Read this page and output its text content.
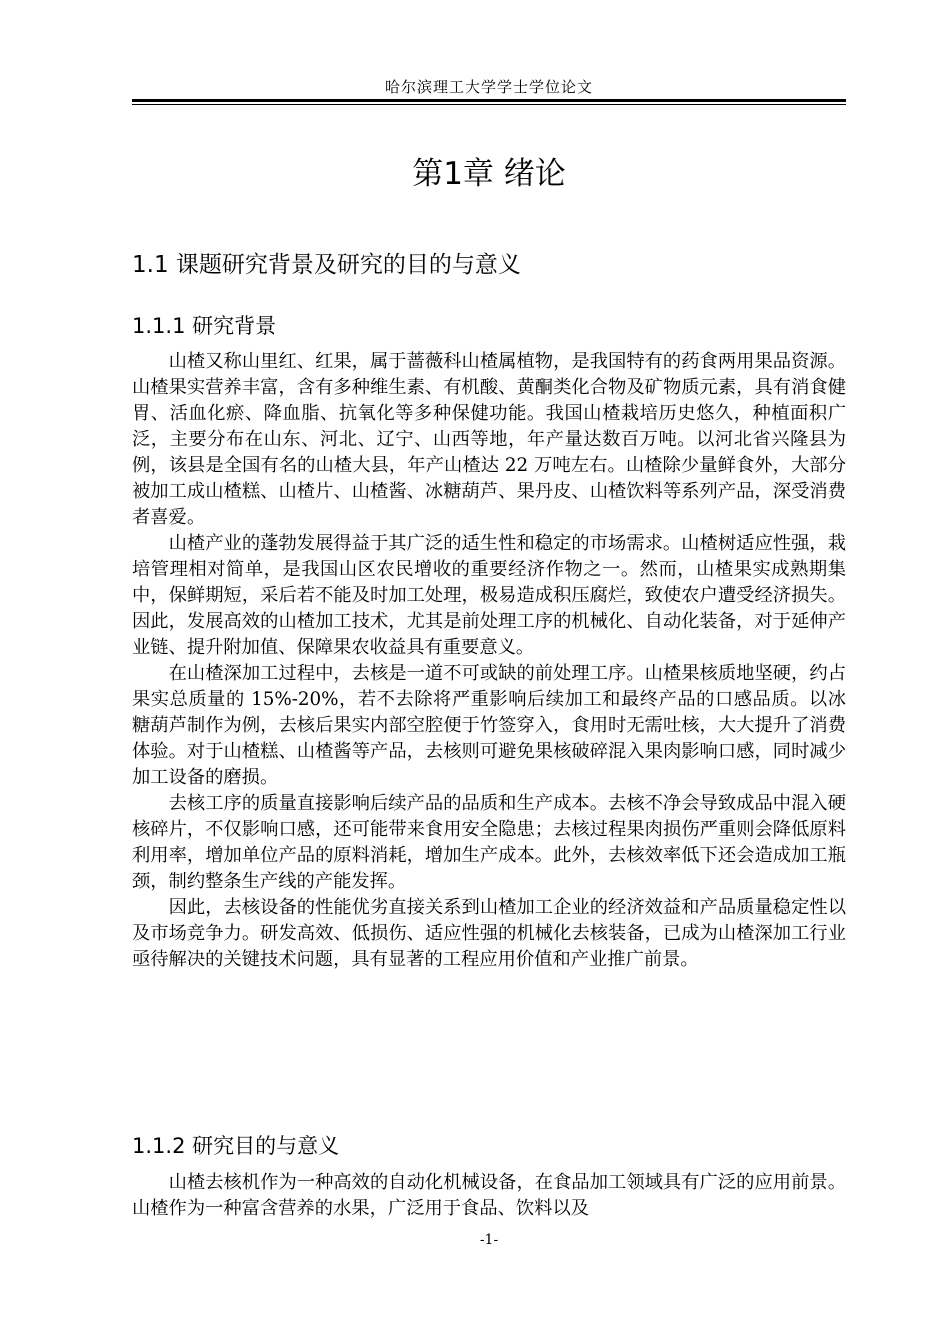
哈尔滨理工大学学士学位论文
第1章 绪论
1.1 课题研究背景及研究的目的与意义
1.1.1 研究背景

山楂又称山里红、红果，属于蔷薇科山楂属植物，是我国特有的药食两用果品资源。山楂果实营养丰富，含有多种维生素、有机酸、黄酮类化合物及矿物质元素，具有消食健胃、活血化瘀、降血脂、抗氧化等多种保健功能。我国山楂栽培历史悠久，种植面积广泛，主要分布在山东、河北、辽宁、山西等地，年产量达数百万吨。以河北省兴隆县为例，该县是全国有名的山楂大县，年产山楂达 22 万吨左右。山楂除少量鲜食外，大部分被加工成山楂糕、山楂片、山楂酱、冰糖葫芦、果丹皮、山楂饮料等系列产品，深受消费者喜爱。

山楂产业的蓬勃发展得益于其广泛的适生性和稳定的市场需求。山楂树适应性强，栽培管理相对简单，是我国山区农民增收的重要经济作物之一。然而，山楂果实成熟期集中，保鲜期短，采后若不能及时加工处理，极易造成积压腐烂，致使农户遭受经济损失。因此，发展高效的山楂加工技术，尤其是前处理工序的机械化、自动化装备，对于延伸产业链、提升附加值、保障果农收益具有重要意义。

在山楂深加工过程中，去核是一道不可或缺的前处理工序。山楂果核质地坚硬，约占果实总质量的 15%-20%，若不去除将严重影响后续加工和最终产品的口感品质。以冰糖葫芦制作为例，去核后果实内部空腔便于竹签穿入，食用时无需吐核，大大提升了消费体验。对于山楂糕、山楂酱等产品，去核则可避免果核破碎混入果肉影响口感，同时减少加工设备的磨损。

去核工序的质量直接影响后续产品的品质和生产成本。去核不净会导致成品中混入硬核碎片，不仅影响口感，还可能带来食用安全隐患；去核过程果肉损伤严重则会降低原料利用率，增加单位产品的原料消耗，增加生产成本。此外，去核效率低下还会造成加工瓶颈，制约整条生产线的产能发挥。

因此，去核设备的性能优劣直接关系到山楂加工企业的经济效益和产品质量稳定性以及市场竞争力。研发高效、低损伤、适应性强的机械化去核装备，已成为山楂深加工行业亟待解决的关键技术问题，具有显著的工程应用价值和产业推广前景。

1.1.2 研究目的与意义

山楂去核机作为一种高效的自动化机械设备，在食品加工领域具有广泛的应用前景。山楂作为一种富含营养的水果，广泛用于食品、饮料以及

-1-
